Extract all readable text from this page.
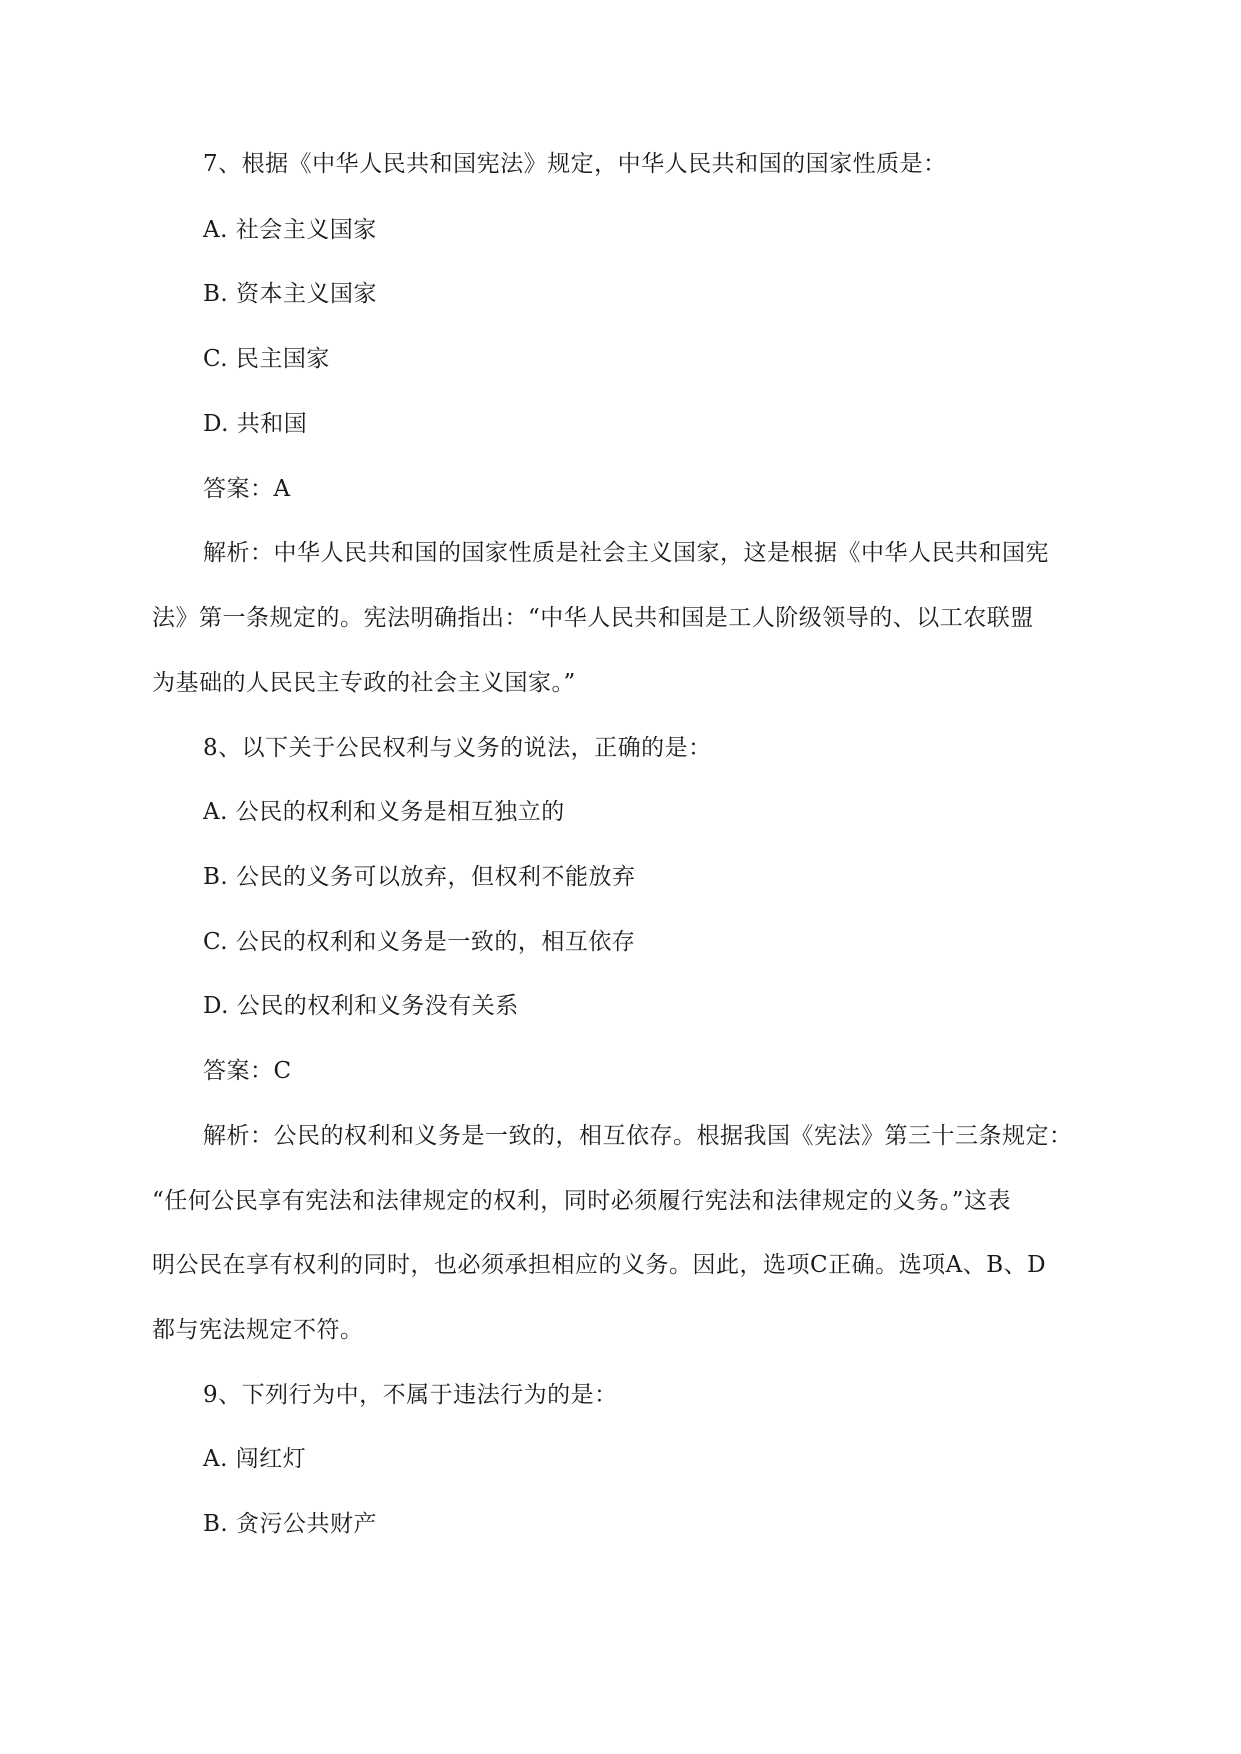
7、根据《中华人民共和国宪法》规定，中华人民共和国的国家性质是：
A. 社会主义国家
B. 资本主义国家
C. 民主国家
D. 共和国
答案：A
解析：中华人民共和国的国家性质是社会主义国家，这是根据《中华人民共和国宪
法》第一条规定的。宪法明确指出：“中华人民共和国是工人阶级领导的、以工农联盟
为基础的人民民主专政的社会主义国家。”
8、以下关于公民权利与义务的说法，正确的是：
A. 公民的权利和义务是相互独立的
B. 公民的义务可以放弃，但权利不能放弃
C. 公民的权利和义务是一致的，相互依存
D. 公民的权利和义务没有关系
答案：C
解析：公民的权利和义务是一致的，相互依存。根据我国《宪法》第三十三条规定：
“任何公民享有宪法和法律规定的权利，同时必须履行宪法和法律规定的义务。”这表
明公民在享有权利的同时，也必须承担相应的义务。因此，选项C正确。选项A、B、D
都与宪法规定不符。
9、下列行为中，不属于违法行为的是：
A. 闯红灯
B. 贪污公共财产
